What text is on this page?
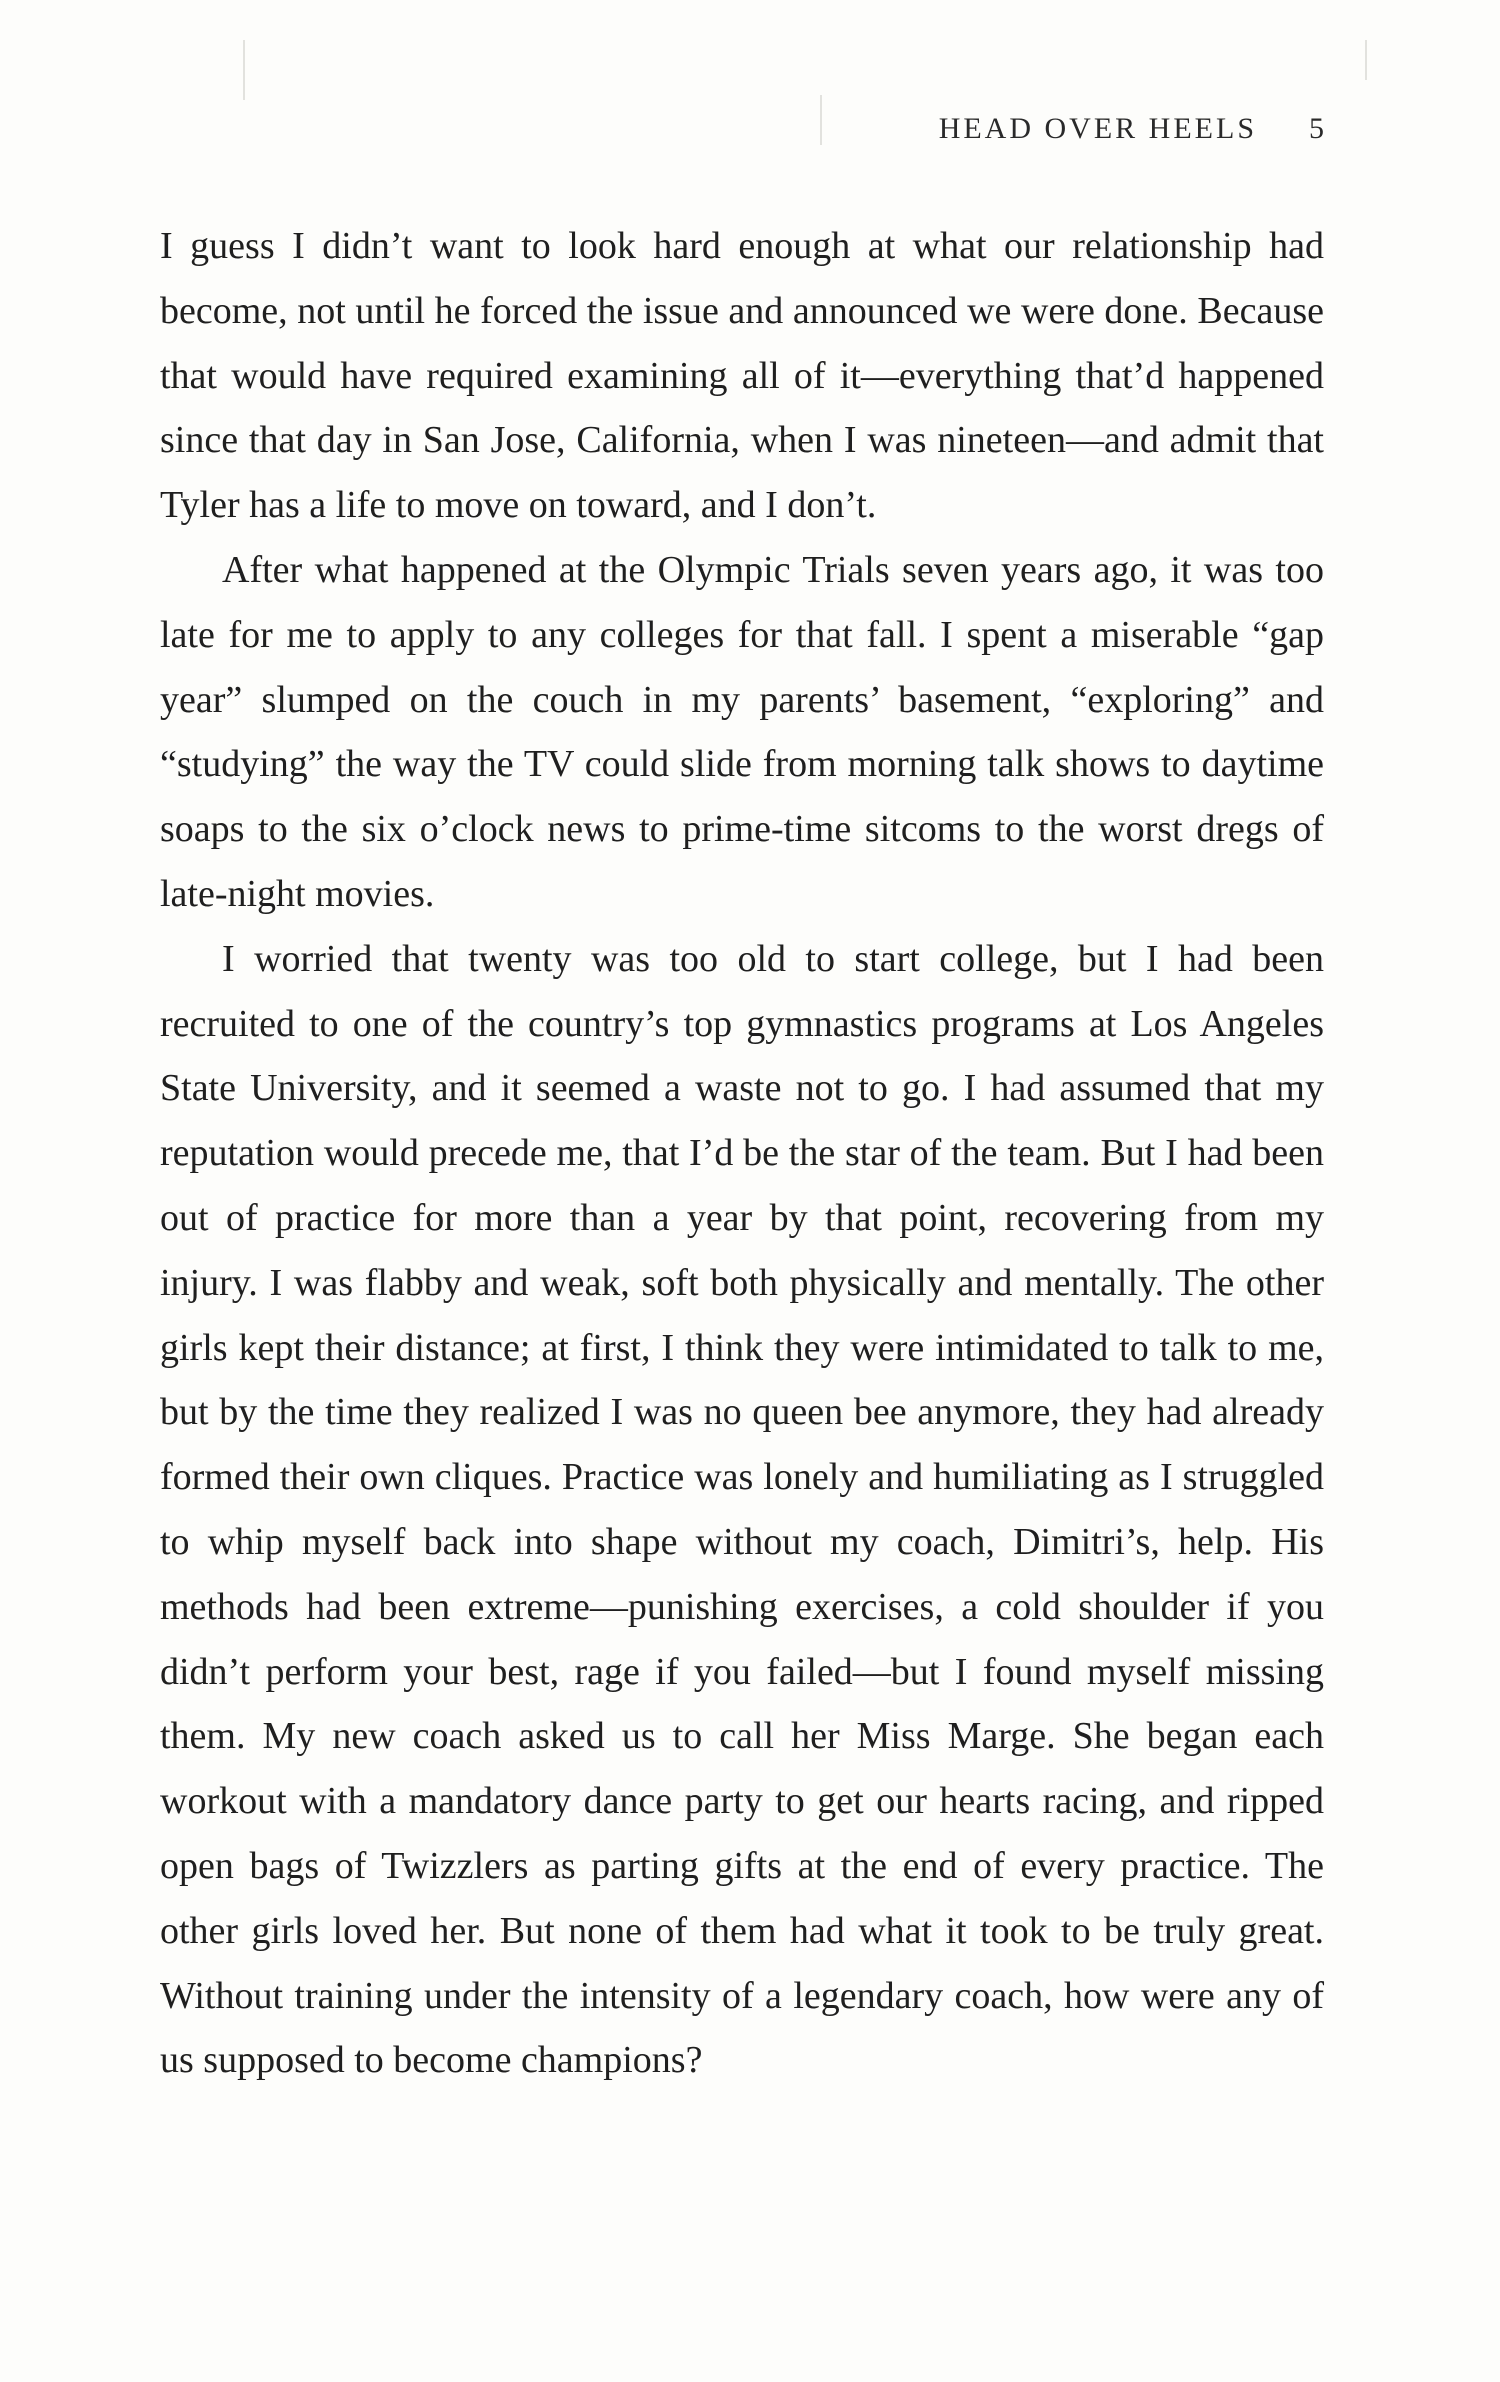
HEAD OVER HEELS 5

I guess I didn’t want to look hard enough at what our relationship had become, not until he forced the issue and announced we were done. Because that would have required examining all of it—everything that’d happened since that day in San Jose, California, when I was nineteen—and admit that Tyler has a life to move on toward, and I don’t.

After what happened at the Olympic Trials seven years ago, it was too late for me to apply to any colleges for that fall. I spent a miserable “gap year” slumped on the couch in my parents’ basement, “exploring” and “studying” the way the TV could slide from morning talk shows to daytime soaps to the six o’clock news to prime-time sitcoms to the worst dregs of late-night movies.

I worried that twenty was too old to start college, but I had been recruited to one of the country’s top gymnastics programs at Los Angeles State University, and it seemed a waste not to go. I had assumed that my reputation would precede me, that I’d be the star of the team. But I had been out of practice for more than a year by that point, recovering from my injury. I was flabby and weak, soft both physically and mentally. The other girls kept their distance; at first, I think they were intimidated to talk to me, but by the time they realized I was no queen bee anymore, they had already formed their own cliques. Practice was lonely and humiliating as I struggled to whip myself back into shape without my coach, Dimitri’s, help. His methods had been extreme—punishing exercises, a cold shoulder if you didn’t perform your best, rage if you failed—but I found myself missing them. My new coach asked us to call her Miss Marge. She began each workout with a mandatory dance party to get our hearts racing, and ripped open bags of Twizzlers as parting gifts at the end of every practice. The other girls loved her. But none of them had what it took to be truly great. Without training under the intensity of a legendary coach, how were any of us supposed to become champions?
